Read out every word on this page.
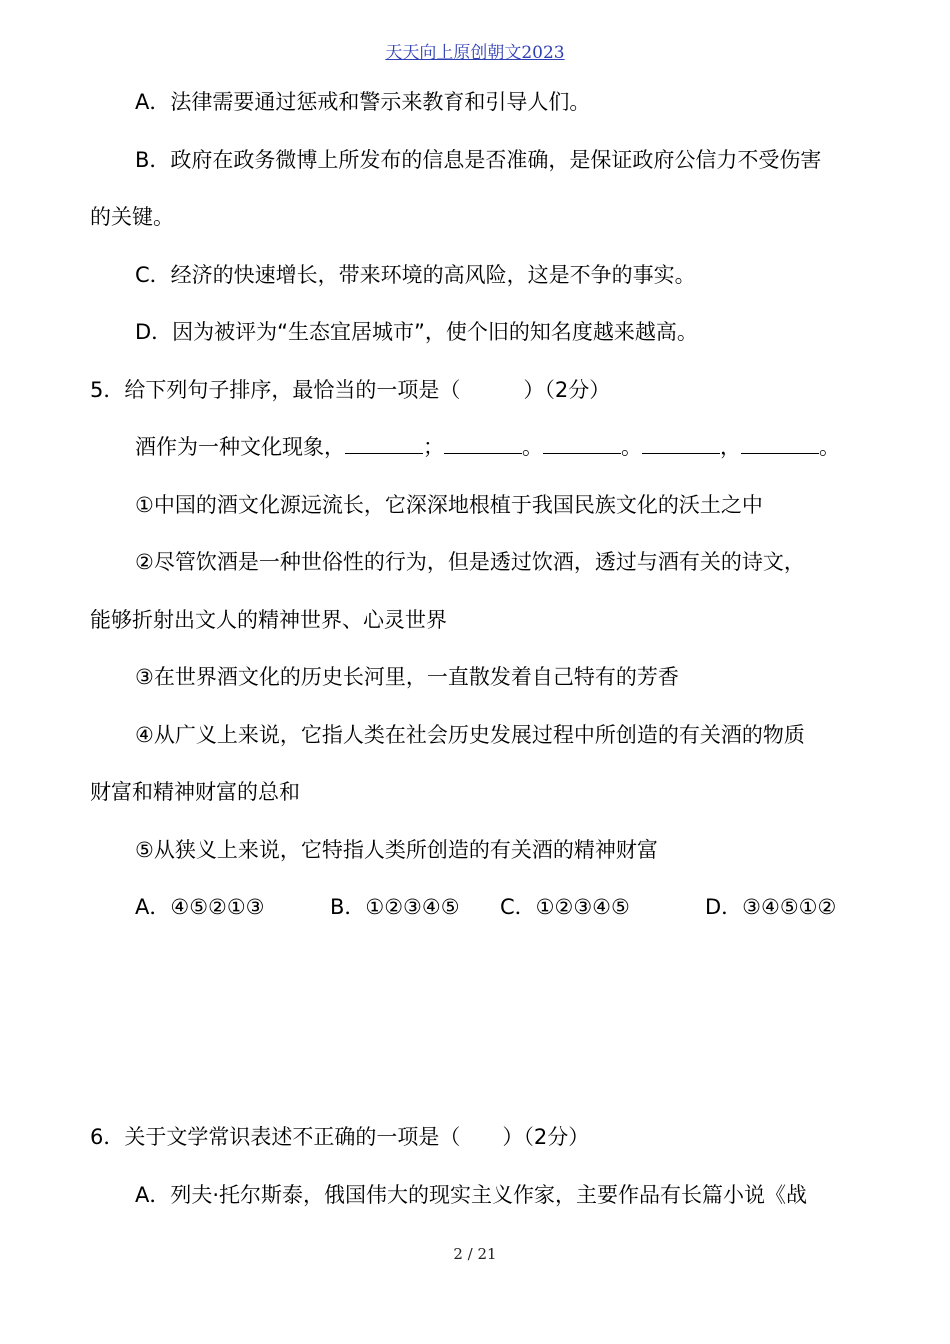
天天向上原创朝文2023
A．法律需要通过惩戒和警示来教育和引导人们。
B．政府在政务微博上所发布的信息是否准确，是保证政府公信力不受伤害
的关键。
C．经济的快速增长，带来环境的高风险，这是不争的事实。
D．因为被评为“生态宜居城市”，使个旧的知名度越来越高。
5．给下列句子排序，最恰当的一项是（　　　）（2分）
酒作为一种文化现象，	；	。	。	，	。
①中国的酒文化源远流长，它深深地根植于我国民族文化的沃土之中
②尽管饮酒是一种世俗性的行为，但是透过饮酒，透过与酒有关的诗文，
能够折射出文人的精神世界、心灵世界
③在世界酒文化的历史长河里，一直散发着自己特有的芳香
④从广义上来说，它指人类在社会历史发展过程中所创造的有关酒的物质
财富和精神财富的总和
⑤从狭义上来说，它特指人类所创造的有关酒的精神财富
A．④⑤②①③	B．①②③④⑤ C．①②③④⑤	D．③④⑤①②
6．关于文学常识表述不正确的一项是（　　）（2分）
A．列夫·托尔斯泰，俄国伟大的现实主义作家，主要作品有长篇小说《战
2 / 21
